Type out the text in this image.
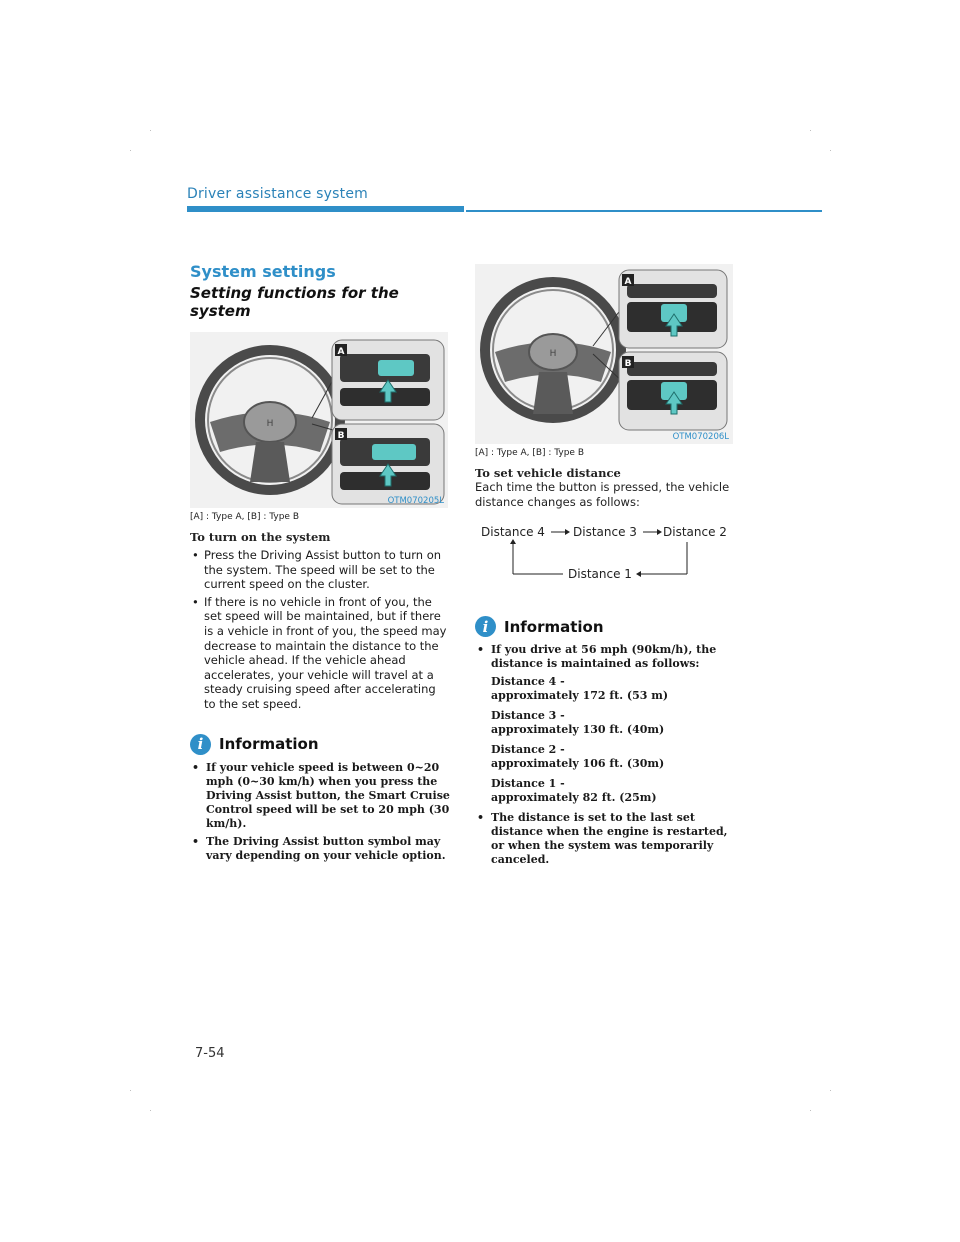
Driver assistance system
System settings
Setting functions for the system
H
A
B
OTM070205L
[A] : Type A, [B] : Type B
To turn on the system
• Press the Driving Assist button to turn on the system. The speed will be set to the current speed on the cluster.
• If there is no vehicle in front of you, the set speed will be maintained, but if there is a vehicle in front of you, the speed may decrease to maintain the distance to the vehicle ahead. If the vehicle ahead accelerates, your vehicle will travel at a steady cruising speed after accelerating to the set speed.
i	Information
• If your vehicle speed is between 0~20 mph (0~30 km/h) when you press the Driving Assist button, the Smart Cruise Control speed will be set to 20 mph (30 km/h).
• The Driving Assist button symbol may vary depending on your vehicle option.
H
A
B
OTM070206L
[A] : Type A, [B] : Type B
To set vehicle distance
Each time the button is pressed, the vehicle distance changes as follows:
Distance 4 Distance 3 Distance 2
Distance 1
i	Information
• If you drive at 56 mph (90km/h), the distance is maintained as follows:
Distance 4 -
approximately 172 ft. (53 m)
Distance 3 -
approximately 130 ft. (40m)
Distance 2 -
approximately 106 ft. (30m)
Distance 1 -
approximately 82 ft. (25m)
• The distance is set to the last set distance when the engine is restarted, or when the system was temporarily canceled.
7-54
